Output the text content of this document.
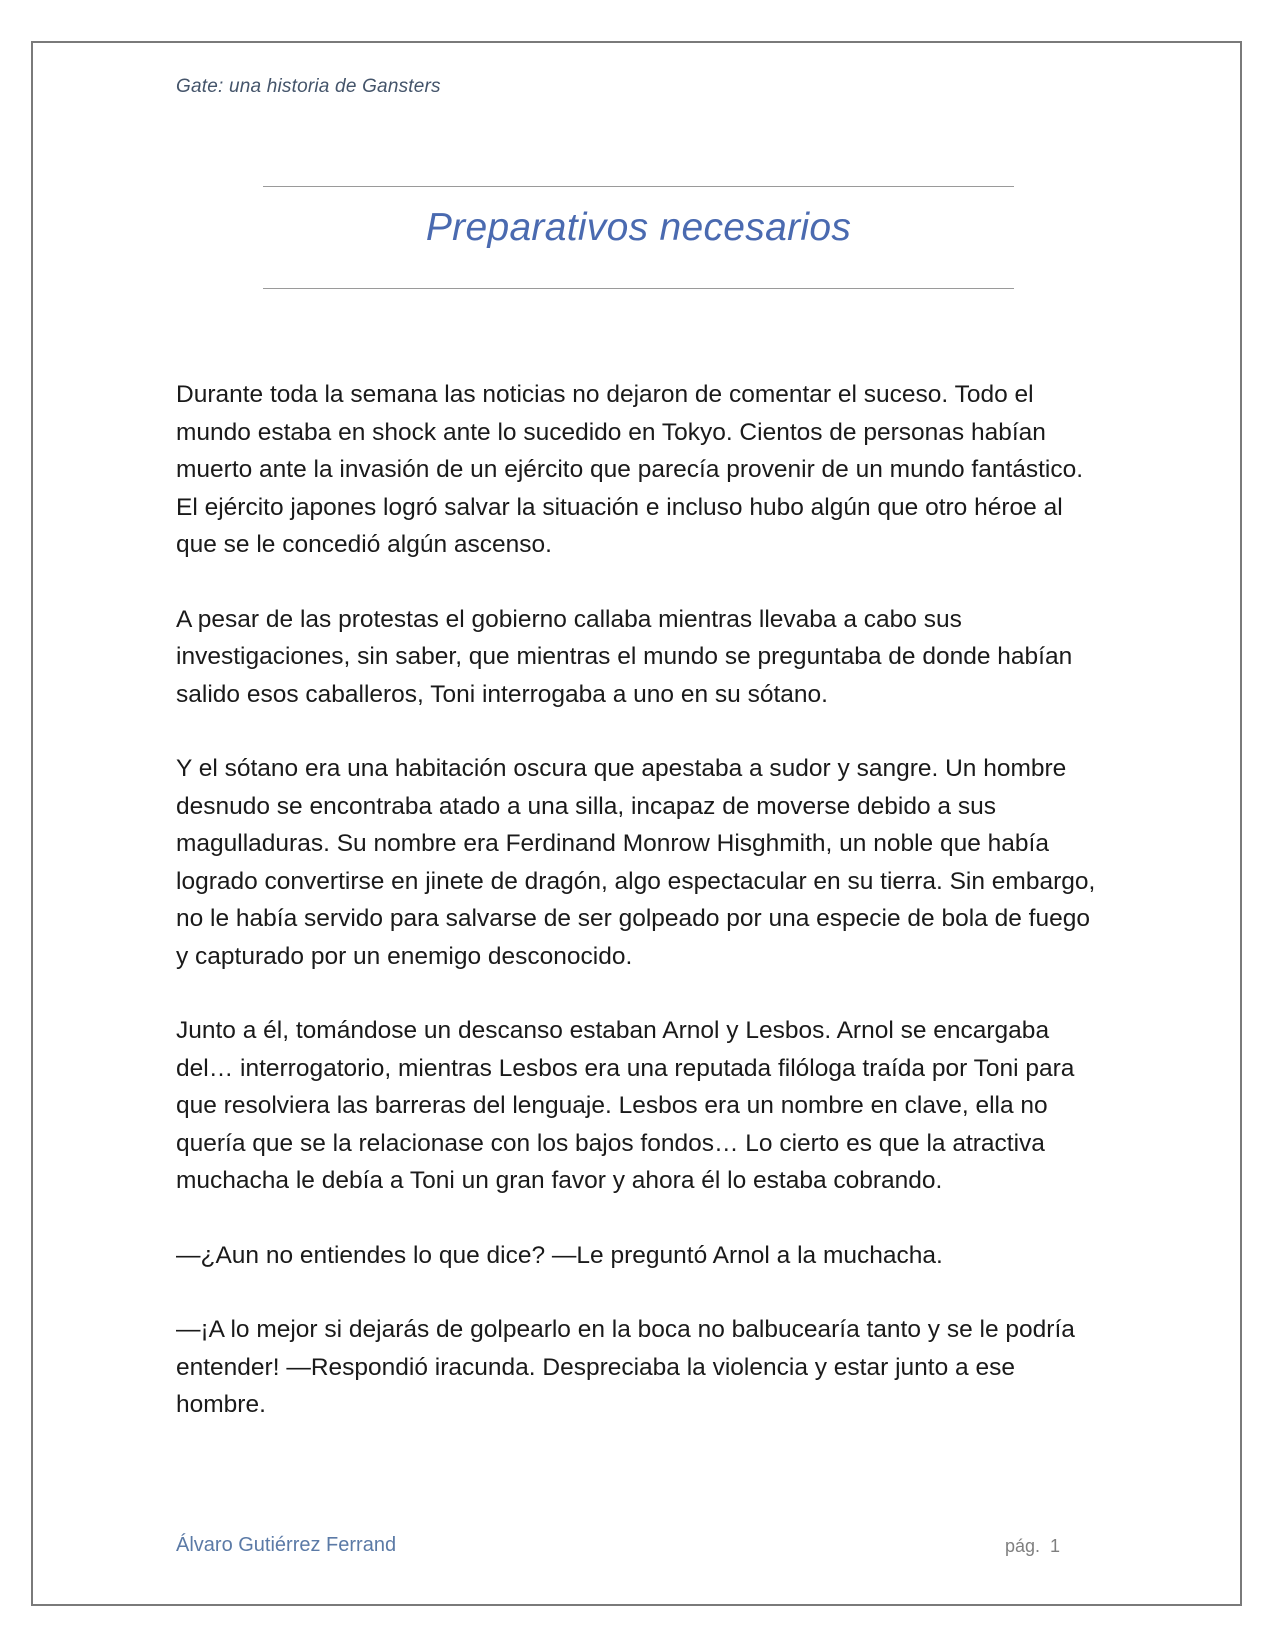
Gate: una historia de Gansters
Preparativos necesarios

Durante toda la semana las noticias no dejaron de comentar el suceso. Todo el mundo estaba en shock ante lo sucedido en Tokyo. Cientos de personas habían muerto ante la invasión de un ejército que parecía provenir de un mundo fantástico. El ejército japones logró salvar la situación e incluso hubo algún que otro héroe al que se le concedió algún ascenso.

A pesar de las protestas el gobierno callaba mientras llevaba a cabo sus investigaciones, sin saber, que mientras el mundo se preguntaba de donde habían salido esos caballeros, Toni interrogaba a uno en su sótano.

Y el sótano era una habitación oscura que apestaba a sudor y sangre. Un hombre desnudo se encontraba atado a una silla, incapaz de moverse debido a sus magulladuras. Su nombre era Ferdinand Monrow Hisghmith, un noble que había logrado convertirse en jinete de dragón, algo espectacular en su tierra. Sin embargo, no le había servido para salvarse de ser golpeado por una especie de bola de fuego y capturado por un enemigo desconocido.

Junto a él, tomándose un descanso estaban Arnol y Lesbos. Arnol se encargaba del… interrogatorio, mientras Lesbos era una reputada filóloga traída por Toni para que resolviera las barreras del lenguaje. Lesbos era un nombre en clave, ella no quería que se la relacionase con los bajos fondos… Lo cierto es que la atractiva muchacha le debía a Toni un gran favor y ahora él lo estaba cobrando.

—¿Aun no entiendes lo que dice? —Le preguntó Arnol a la muchacha.

—¡A lo mejor si dejarás de golpearlo en la boca no balbucearía tanto y se le podría entender! —Respondió iracunda. Despreciaba la violencia y estar junto a ese hombre.

Álvaro Gutiérrez Ferrand	pág. 1
